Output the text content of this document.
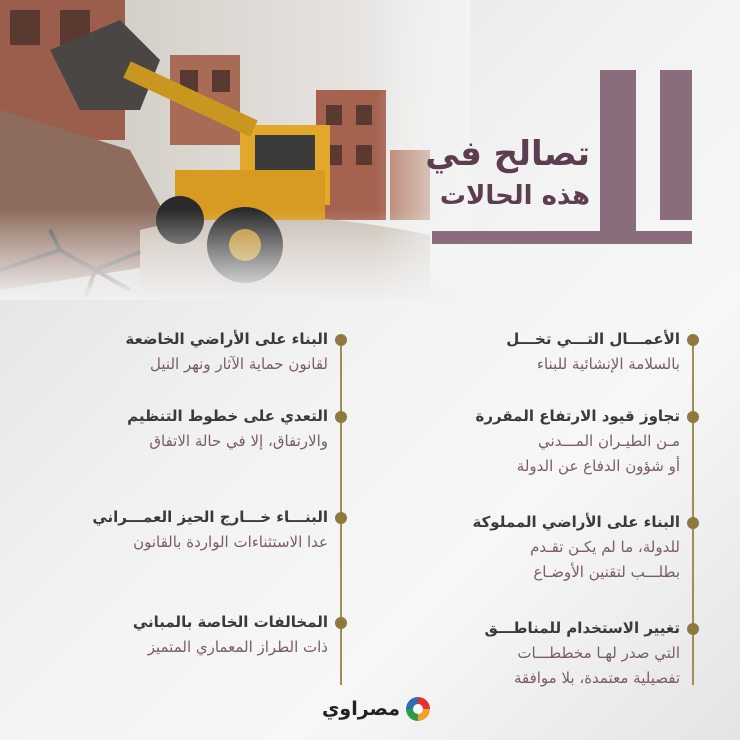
تصالح في
هذه الحالات
الأعمـــال التـــي تخـــل
بالسلامة الإنشائية للبناء
تجاوز قيود الارتفاع المقررة
مـن الطيـران المـــدني
أو شؤون الدفاع عن الدولة
البناء على الأراضي المملوكة
للدولة، ما لم يكـن تقـدم
بطلـــب لتقنين الأوضـاع
تغيير الاستخدام للمناطـــق
التي صدر لهـا مخططـــات
تفصيلية معتمدة، بلا موافقة
البناء على الأراضي الخاضعة
لقانون حماية الآثار ونهر النيل
التعدي على خطوط التنظيم
والارتفاق، إلا في حالة الاتفاق
البنـــاء خـــارج الحيز العمـــراني
عدا الاستثناءات الواردة بالقانون
المخالفات الخاصة بالمباني
ذات الطراز المعماري المتميز
مصراوي
